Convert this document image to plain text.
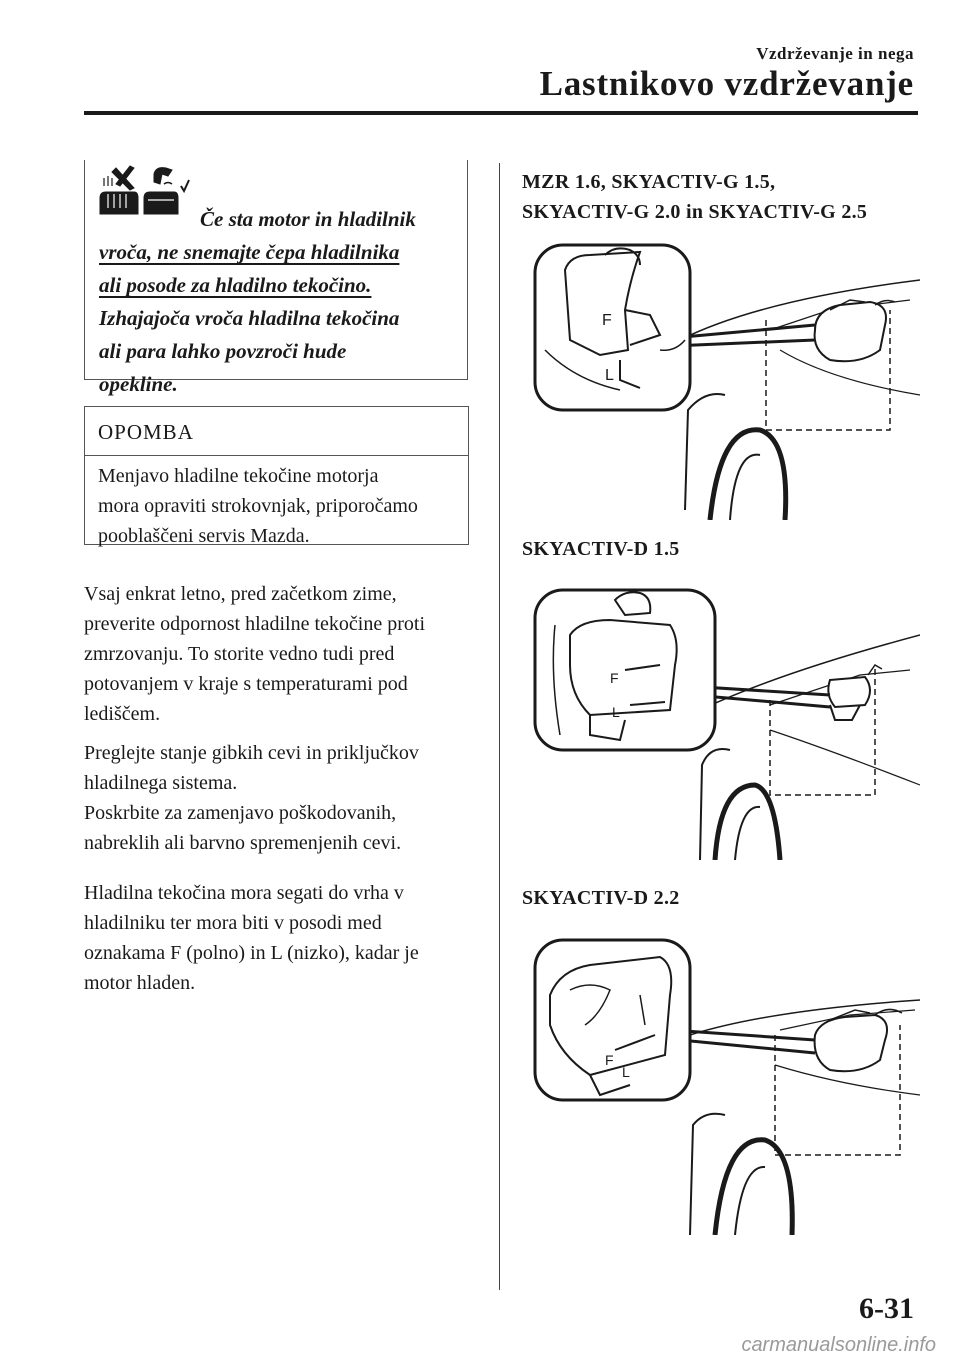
Vzdrževanje in nega
Lastnikovo vzdrževanje
Če sta motor in hladilnik
vroča, ne snemajte čepa hladilnika
ali posode za hladilno tekočino.
Izhajajoča vroča hladilna tekočina
ali para lahko povzroči hude
opekline.
OPOMBA
Menjavo hladilne tekočine motorja
mora opraviti strokovnjak, priporočamo
pooblaščeni servis Mazda.
Vsaj enkrat letno, pred začetkom zime,
preverite odpornost hladilne tekočine proti
zmrzovanju. To storite vedno tudi pred
potovanjem v kraje s temperaturami pod
lediščem.
Preglejte stanje gibkih cevi in priključkov
hladilnega sistema.
Poskrbite za zamenjavo poškodovanih,
nabreklih ali barvno spremenjenih cevi.
Hladilna tekočina mora segati do vrha v
hladilniku ter mora biti v posodi med
oznakama F (polno) in L (nizko), kadar je
motor hladen.
MZR 1.6, SKYACTIV-G 1.5,
SKYACTIV-G 2.0 in SKYACTIV-G 2.5
SKYACTIV-D 1.5
SKYACTIV-D 2.2
F
L
F
L
F
L
6-31
carmanualsonline.info
